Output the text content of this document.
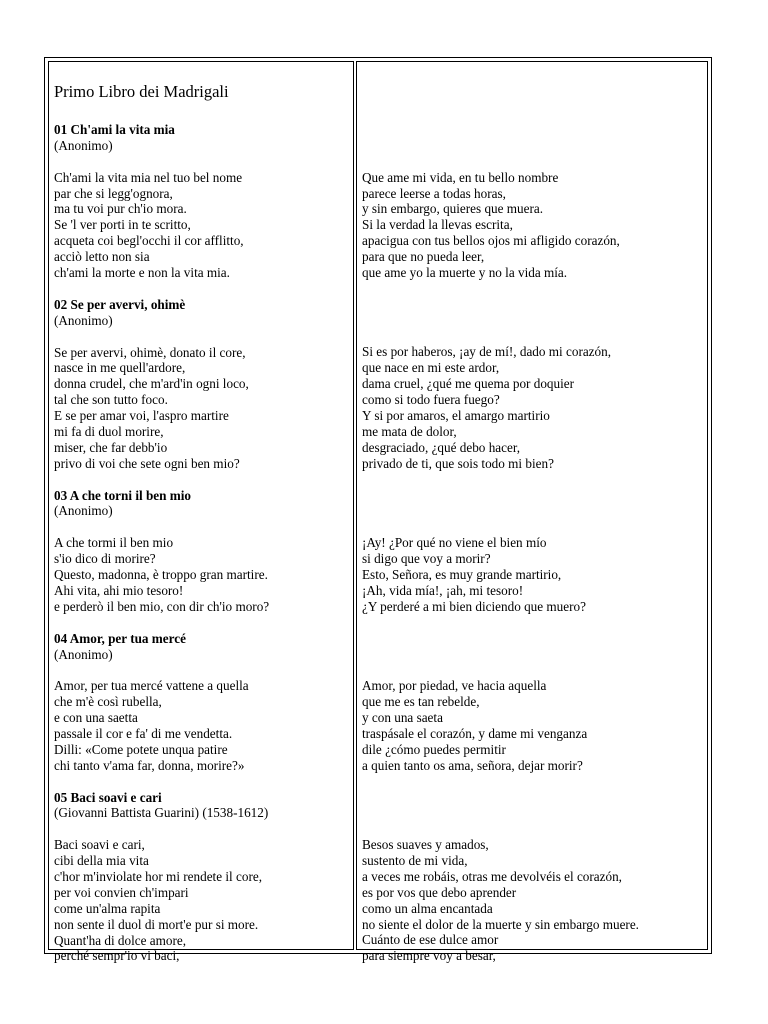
Primo Libro dei Madrigali
01 Ch'ami la vita mia
(Anonimo)
Ch'ami la vita mia nel tuo bel nome
par che si legg'ognora,
ma tu voi pur ch'io mora.
Se 'l ver porti in te scritto,
acqueta coi begl'occhi il cor afflitto,
acciò letto non sia
ch'ami la morte e non la vita mia.
02 Se per avervi, ohimè
(Anonimo)
Se per avervi, ohimè, donato il core,
nasce in me quell'ardore,
donna crudel, che m'ard'in ogni loco,
tal che son tutto foco.
E se per amar voi, l'aspro martire
mi fa di duol morire,
miser, che far debb'io
privo di voi che sete ogni ben mio?
03 A che torni il ben mio
(Anonimo)
A che tormi il ben mio
s'io dico di morire?
Questo, madonna, è troppo gran martire.
Ahi vita, ahi mio tesoro!
e perderò il ben mio, con dir ch'io moro?
04 Amor, per tua mercé
(Anonimo)
Amor, per tua mercé vattene a quella
che m'è così rubella,
e con una saetta
passale il cor e fa' di me vendetta.
Dilli: «Come potete unqua patire
chi tanto v'ama far, donna, morire?»
05 Baci soavi e cari
(Giovanni Battista Guarini) (1538-1612)
Baci soavi e cari,
cibi della mia vita
c'hor m'inviolate hor mi rendete il core,
per voi convien ch'impari
come un'alma rapita
non sente il duol di mort'e pur si more.
Quant'ha di dolce amore,
perché sempr'io vi baci,
Que ame mi vida, en tu bello nombre
parece leerse a todas horas,
y sin embargo, quieres que muera.
Si la verdad la llevas escrita,
apacigua con tus bellos ojos mi afligido corazón,
para que no pueda leer,
que ame yo la muerte y no la vida mía.
Si es por haberos, ¡ay de mí!, dado mi corazón,
que nace en mi este ardor,
dama cruel, ¿qué me quema por doquier
como si todo fuera fuego?
Y si por amaros, el amargo martirio
me mata de dolor,
desgraciado, ¿qué debo hacer,
privado de ti, que sois todo mi bien?
¡Ay! ¿Por qué no viene el bien mío
si digo que voy a morir?
Esto, Señora, es muy grande martirio,
¡Ah, vida mía!, ¡ah, mi tesoro!
¿Y perderé a mi bien diciendo que muero?
Amor, por piedad, ve hacia aquella
que me es tan rebelde,
y con una saeta
traspásale el corazón, y dame mi venganza
dile ¿cómo puedes permitir
a quien tanto os ama, señora, dejar morir?
Besos suaves y amados,
sustento de mi vida,
a veces me robáis, otras me devolvéis el corazón,
es por vos que debo aprender
como un alma encantada
no siente el dolor de la muerte y sin embargo muere.
Cuánto de ese dulce amor
para siempre voy a besar,
